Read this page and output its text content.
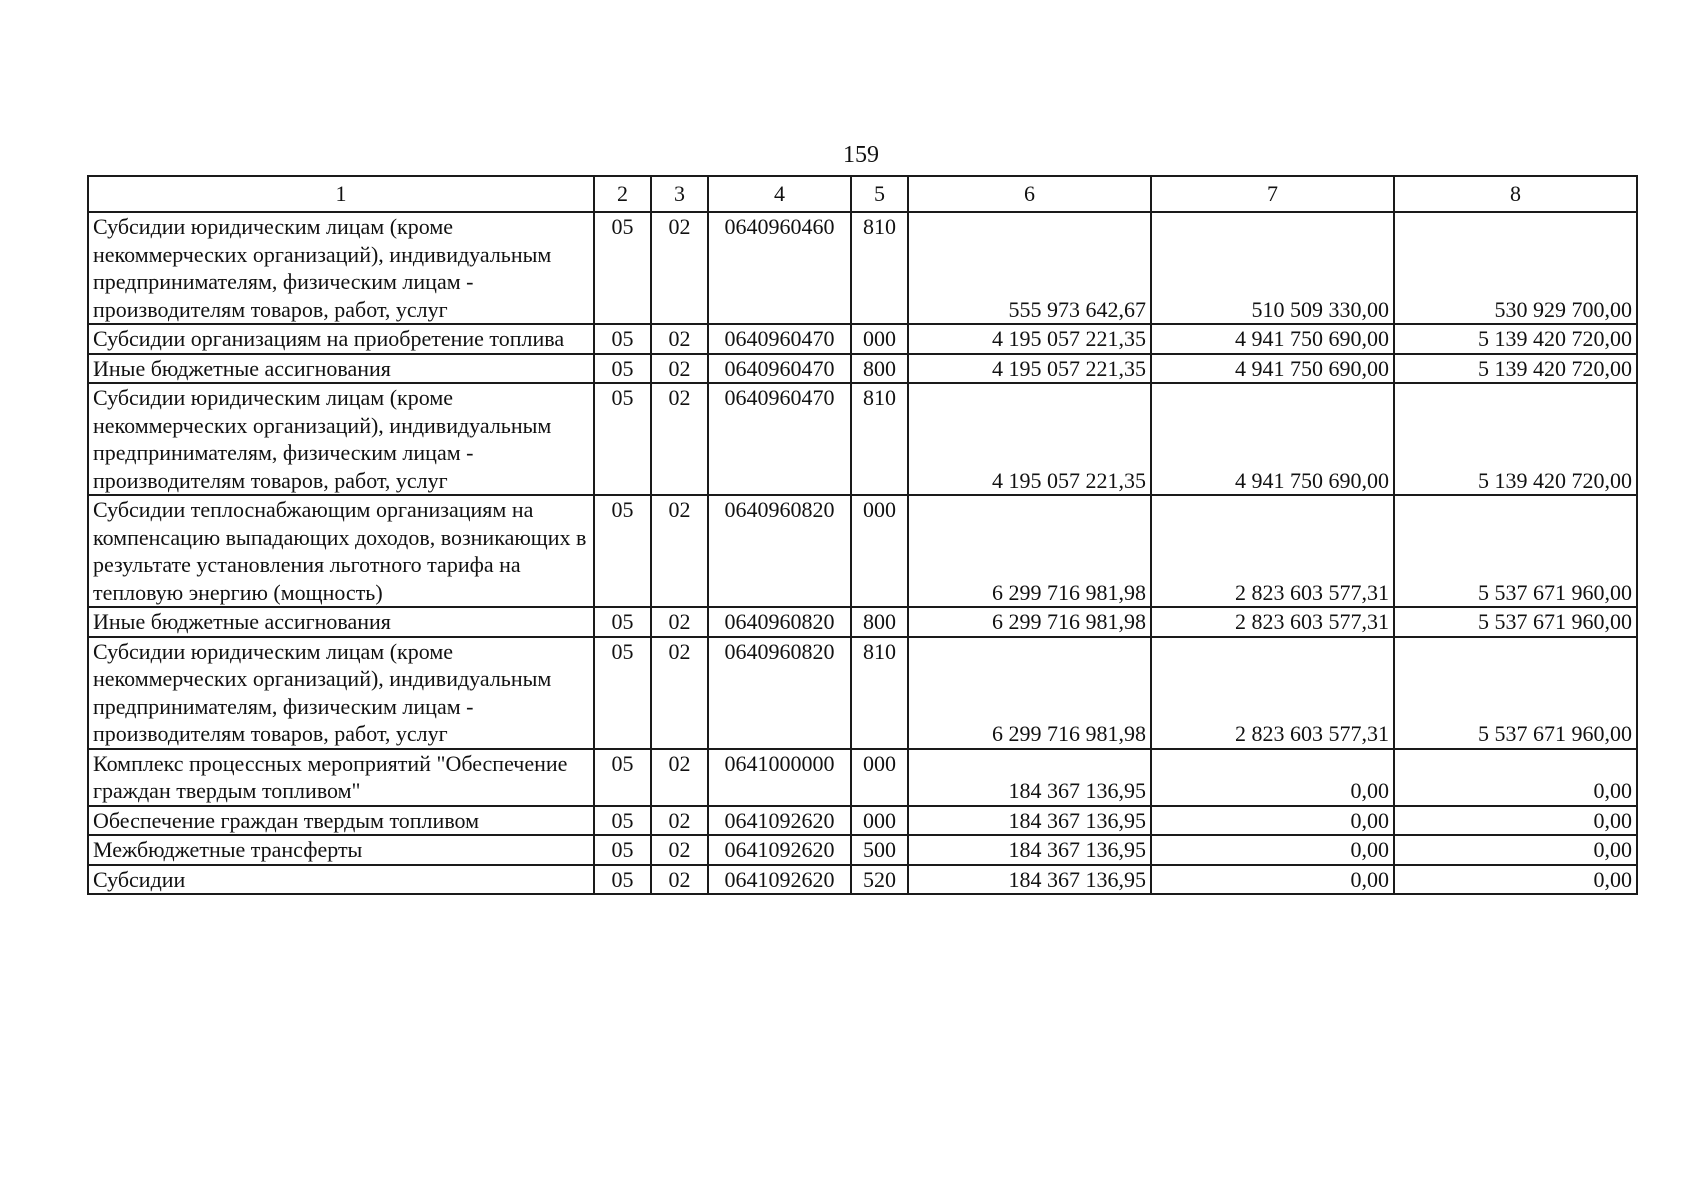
159
1	2	3	4	5	6	7	8
Субсидии юридическим лицам (кроме некоммерческих организаций), индивидуальным предпринимателям, физическим лицам - производителям товаров, работ, услуг	05	02	0640960460	810	555 973 642,67	510 509 330,00	530 929 700,00
Субсидии организациям на приобретение топлива	05	02	0640960470	000	4 195 057 221,35	4 941 750 690,00	5 139 420 720,00
Иные бюджетные ассигнования	05	02	0640960470	800	4 195 057 221,35	4 941 750 690,00	5 139 420 720,00
Субсидии юридическим лицам (кроме некоммерческих организаций), индивидуальным предпринимателям, физическим лицам - производителям товаров, работ, услуг	05	02	0640960470	810	4 195 057 221,35	4 941 750 690,00	5 139 420 720,00
Субсидии теплоснабжающим организациям на компенсацию выпадающих доходов, возникающих в результате установления льготного тарифа на тепловую энергию (мощность)	05	02	0640960820	000	6 299 716 981,98	2 823 603 577,31	5 537 671 960,00
Иные бюджетные ассигнования	05	02	0640960820	800	6 299 716 981,98	2 823 603 577,31	5 537 671 960,00
Субсидии юридическим лицам (кроме некоммерческих организаций), индивидуальным предпринимателям, физическим лицам - производителям товаров, работ, услуг	05	02	0640960820	810	6 299 716 981,98	2 823 603 577,31	5 537 671 960,00
Комплекс процессных мероприятий "Обеспечение граждан твердым топливом"	05	02	0641000000	000	184 367 136,95	0,00	0,00
Обеспечение граждан твердым топливом	05	02	0641092620	000	184 367 136,95	0,00	0,00
Межбюджетные трансферты	05	02	0641092620	500	184 367 136,95	0,00	0,00
Субсидии	05	02	0641092620	520	184 367 136,95	0,00	0,00
